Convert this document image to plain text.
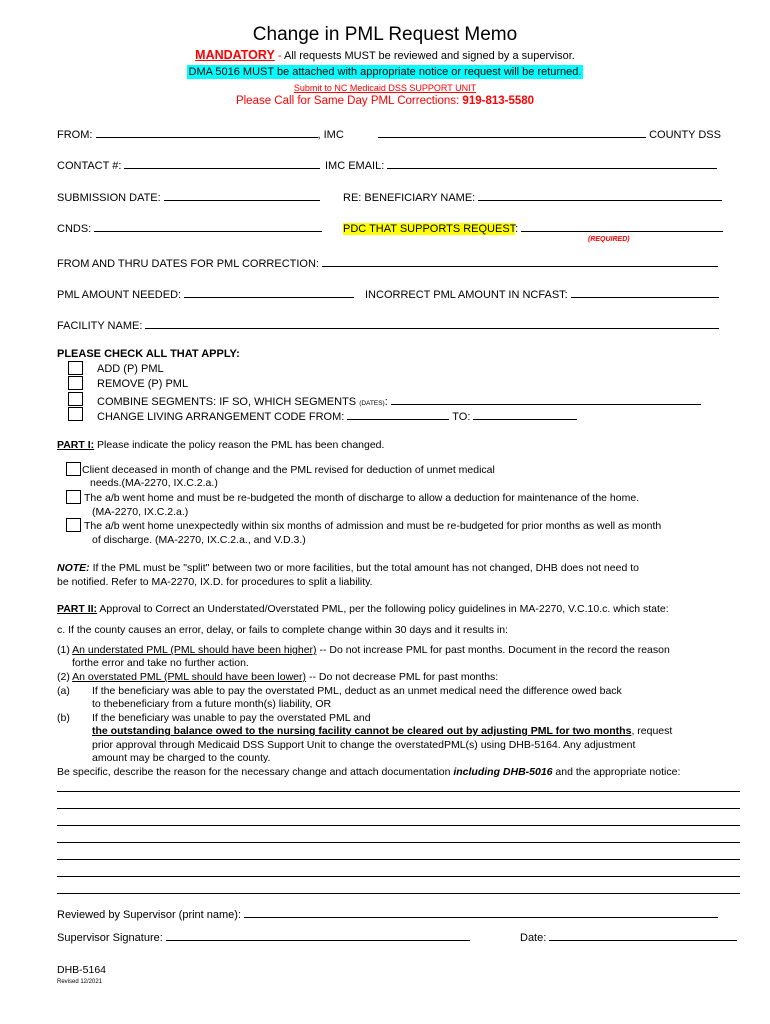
Change in PML Request Memo
MANDATORY - All requests MUST be reviewed and signed by a supervisor.
DMA 5016 MUST be attached with appropriate notice or request will be returned.
Submit to NC Medicaid DSS SUPPORT UNIT
Please Call for Same Day PML Corrections: 919-813-5580
FROM:	, IMC	COUNTY DSS
CONTACT #:	IMC EMAIL:
SUBMISSION DATE:	RE: BENEFICIARY NAME:
CNDS:	PDC THAT SUPPORTS REQUEST:
(REQUIRED)
FROM AND THRU DATES FOR PML CORRECTION:
PML AMOUNT NEEDED:	INCORRECT PML AMOUNT IN NCFAST:
FACILITY NAME:
PLEASE CHECK ALL THAT APPLY:
ADD (P) PML
REMOVE (P) PML
COMBINE SEGMENTS: IF SO, WHICH SEGMENTS (DATES):
CHANGE LIVING ARRANGEMENT CODE FROM:	TO:
PART I: Please indicate the policy reason the PML has been changed.
Client deceased in month of change and the PML revised for deduction of unmet medical
needs.(MA-2270, IX.C.2.a.)
The a/b went home and must be re-budgeted the month of discharge to allow a deduction for maintenance of the home.
(MA-2270, IX.C.2.a.)
The a/b went home unexpectedly within six months of admission and must be re-budgeted for prior months as well as month
of discharge. (MA-2270, IX.C.2.a., and V.D.3.)
NOTE: If the PML must be "split" between two or more facilities, but the total amount has not changed, DHB does not need to
be notified. Refer to MA-2270, IX.D. for procedures to split a liability.
PART II: Approval to Correct an Understated/Overstated PML, per the following policy guidelines in MA-2270, V.C.10.c. which state:
c. If the county causes an error, delay, or fails to complete change within 30 days and it results in:
(1) An understated PML (PML should have been higher) -- Do not increase PML for past months. Document in the record the reason
forthe error and take no further action.
(2) An overstated PML (PML should have been lower) -- Do not decrease PML for past months:
(a) If the beneficiary was able to pay the overstated PML, deduct as an unmet medical need the difference owed back
to thebeneficiary from a future month(s) liability, OR
(b) If the beneficiary was unable to pay the overstated PML and
the outstanding balance owed to the nursing facility cannot be cleared out by adjusting PML for two months, request
prior approval through Medicaid DSS Support Unit to change the overstatedPML(s) using DHB-5164. Any adjustment
amount may be charged to the county.
Be specific, describe the reason for the necessary change and attach documentation including DHB-5016 and the appropriate notice:
Reviewed by Supervisor (print name):
Supervisor Signature:	Date:
DHB-5164
Revised 12/2021
